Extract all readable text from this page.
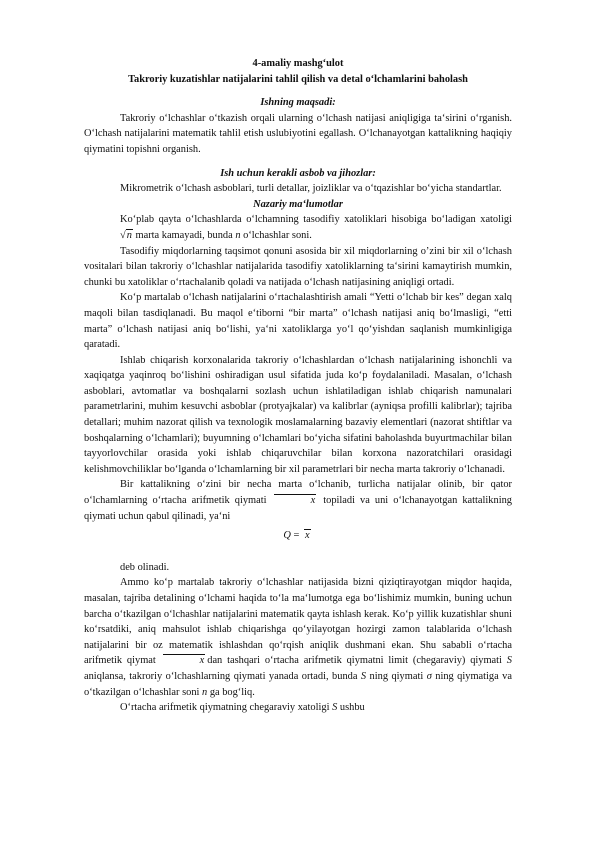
4-amaliy mashg‘ulot

Takroriy kuzatishlar natijalarini tahlil qilish va detal o‘lchamlarini baholash

Ishning maqsadi:

Takroriy o‘lchashlar o‘tkazish orqali ularning o‘lchash natijasi aniqligiga ta‘sirini o‘rganish. O‘lchash natijalarini matematik tahlil etish uslubiyotini egallash. O‘lchanayotgan kattalikning haqiqiy qiymatini topishni organish.

Ish uchun kerakli asbob va jihozlar:

Mikrometrik o‘lchash asboblari, turli detallar, joizliklar va o‘tqazishlar bo‘yicha standartlar.

Nazariy ma‘lumotlar

Ko‘plab qayta o‘lchashlarda o‘lchamning tasodifiy xatoliklari hisobiga bo‘ladigan xatoligi √n marta kamayadi, bunda n o‘lchashlar soni.

Tasodifiy miqdorlarning taqsimot qonuni asosida bir xil miqdorlarning o’zini bir xil o‘lchash vositalari bilan takroriy o‘lchashlar natijalarida tasodifiy xatoliklarning ta‘sirini kamaytirish mumkin, chunki bu xatoliklar o‘rtachalanib qoladi va natijada o‘lchash natijasining aniqligi ortadi.

Ko‘p martalab o‘lchash natijalarini o‘rtachalashtirish amali “Yetti o‘lchab bir kes” degan xalq maqoli bilan tasdiqlanadi. Bu maqol e‘tiborni “bir marta” o‘lchash natijasi aniq bo‘lmasligi, “etti marta” o‘lchash natijasi aniq bo‘lishi, ya‘ni xatoliklarga yo‘l qo‘yishdan saqlanish mumkinligiga qaratadi.

Ishlab chiqarish korxonalarida takroriy o‘lchashlardan o‘lchash natijalarining ishonchli va xaqiqatga yaqinroq bo‘lishini oshiradigan usul sifatida juda ko‘p foydalaniladi. Masalan, o‘lchash asboblari, avtomatlar va boshqalarni sozlash uchun ishlatiladigan ishlab chiqarish namunalari parametrlarini, muhim kesuvchi asboblar (protyajkalar) va kalibrlar (ayniqsa profilli kalibrlar); tajriba detallari; muhim nazorat qilish va texnologik moslamalarning bazaviy elementlari (nazorat shtiftlar va boshqalarning o‘lchamlari); buyumning o‘lchamlari bo‘yicha sifatini baholashda buyurtmachilar bilan tayyorlovchilar orasida yoki ishlab chiqaruvchilar bilan korxona nazoratchilari orasidagi kelishmovchiliklar bo‘lganda o‘lchamlarning bir xil parametrlari bir necha marta takroriy o‘lchanadi.

Bir kattalikning o‘zini bir necha marta o‘lchanib, turlicha natijalar olinib, bir qator o‘lchamlarning o‘rtacha arifmetik qiymati	x topiladi va uni o‘lchanayotgan kattalikning qiymati uchun qabul qilinadi, ya‘ni

Q = x

deb olinadi.

Ammo ko‘p martalab takroriy o‘lchashlar natijasida bizni qiziqtirayotgan miqdor haqida, masalan, tajriba detalining o‘lchami haqida to‘la ma‘lumotga ega bo‘lishimiz mumkin, buning uchun barcha o‘tkazilgan o‘lchashlar natijalarini matematik qayta ishlash kerak. Ko‘p yillik kuzatishlar shuni ko‘rsatdiki, aniq mahsulot ishlab chiqarishga qo‘yilayotgan hozirgi zamon talablarida o‘lchash natijalarini bir oz matematik ishlashdan qo‘rqish aniqlik dushmani ekan. Shu sababli o‘rtacha arifmetik qiymat	x dan tashqari o‘rtacha arifmetik qiymatni limit (chegaraviy) qiymati S aniqlansa, takroriy o‘lchashlarning qiymati yanada ortadi, bunda S ning qiymati σ ning qiymatiga va o‘tkazilgan o‘lchashlar soni n ga bog‘liq.

O‘rtacha arifmetik qiymatning chegaraviy xatoligi S ushbu
